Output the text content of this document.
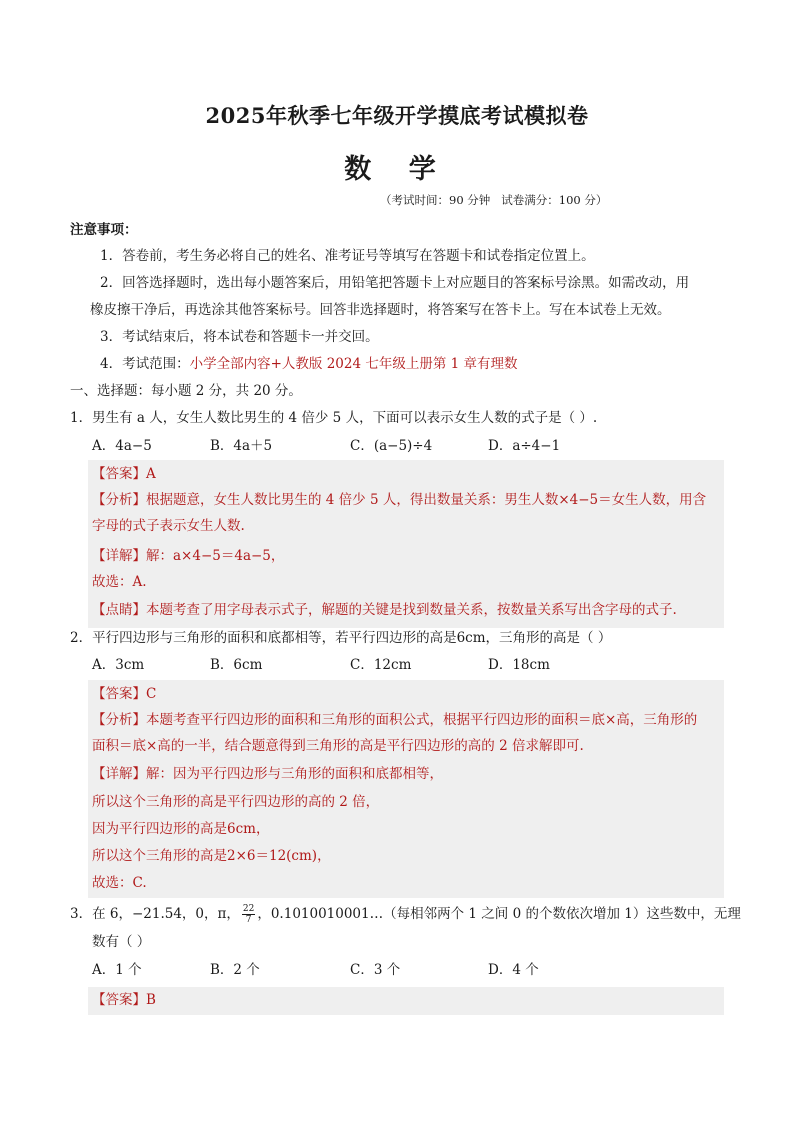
2025年秋季七年级开学摸底考试模拟卷
数 学
（考试时间：90 分钟   试卷满分：100 分）
注意事项：
1．答卷前，考生务必将自己的姓名、准考证号等填写在答题卡和试卷指定位置上。
2．回答选择题时，选出每小题答案后，用铅笔把答题卡上对应题目的答案标号涂黑。如需改动，用
橡皮擦干净后，再选涂其他答案标号。回答非选择题时，将答案写在答卡上。写在本试卷上无效。
3．考试结束后，将本试卷和答题卡一并交回。
4．考试范围：小学全部内容+人教版 2024 七年级上册第 1 章有理数
一、选择题：每小题 2 分，共 20 分。
1．男生有 a 人，女生人数比男生的 4 倍少 5 人，下面可以表示女生人数的式子是（ ）.
A．4a−5	B．4a＋5	C．(a−5)÷4	D．a÷4−1
【答案】A
【分析】根据题意，女生人数比男生的 4 倍少 5 人，得出数量关系：男生人数×4−5＝女生人数，用含
字母的式子表示女生人数.
【详解】解：a×4−5＝4a−5，
故选：A.
【点睛】本题考查了用字母表示式子，解题的关键是找到数量关系，按数量关系写出含字母的式子.
2．平行四边形与三角形的面积和底都相等，若平行四边形的高是6cm，三角形的高是（ ）
A．3cm	B．6cm	C．12cm	D．18cm
【答案】C
【分析】本题考查平行四边形的面积和三角形的面积公式，根据平行四边形的面积＝底×高，三角形的
面积＝底×高的一半，结合题意得到三角形的高是平行四边形的高的 2 倍求解即可.
【详解】解：因为平行四边形与三角形的面积和底都相等，
所以这个三角形的高是平行四边形的高的 2 倍，
因为平行四边形的高是6cm，
所以这个三角形的高是2×6＝12(cm)，
故选：C.
3．在 6，−21.54，0，π， $\frac{22}{7}$ ，0.1010010001…（每相邻两个 1 之间 0 的个数依次增加 1）这些数中，无理
数有（ ）
A．1 个	B．2 个	C．3 个	D．4 个
【答案】B
